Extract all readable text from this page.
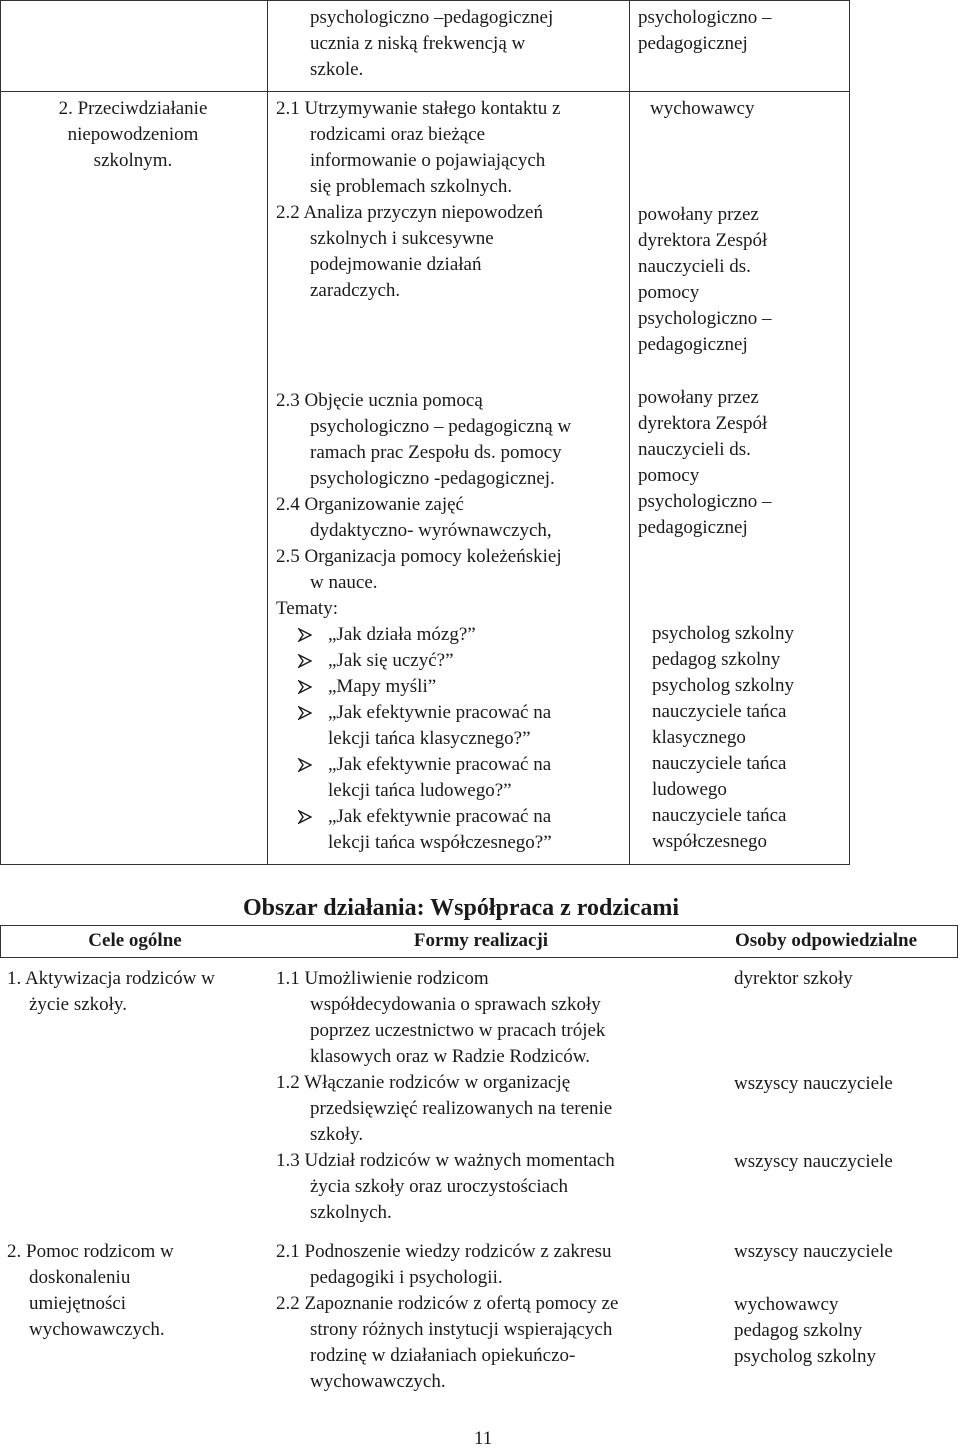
psychologiczno –pedagogicznej

ucznia z niską frekwencją w

szkole.

psychologiczno –

pedagogicznej

2. Przeciwdziałanie

niepowodzeniom

szkolnym.

2.1 Utrzymywanie stałego kontaktu z

rodzicami oraz bieżące

informowanie o pojawiających

się problemach szkolnych.

2.2 Analiza przyczyn niepowodzeń

szkolnych i sukcesywne

podejmowanie działań

zaradczych.

wychowawcy

powołany przez

dyrektora Zespół

nauczycieli ds.

pomocy

psychologiczno –

pedagogicznej

2.3 Objęcie ucznia pomocą

psychologiczno – pedagogiczną w

ramach prac Zespołu ds. pomocy

psychologiczno -pedagogicznej.

2.4 Organizowanie zajęć

dydaktyczno- wyrównawczych,

2.5 Organizacja pomocy koleżeńskiej

w nauce.

Tematy:

„Jak działa mózg?”

„Jak się uczyć?”

„Mapy myśli”

„Jak efektywnie pracować na

lekcji tańca klasycznego?”

„Jak efektywnie pracować na

lekcji tańca ludowego?”

„Jak efektywnie pracować na

lekcji tańca współczesnego?”

powołany przez

dyrektora Zespół

nauczycieli ds.

pomocy

psychologiczno –

pedagogicznej

psycholog szkolny

pedagog szkolny

psycholog szkolny

nauczyciele tańca

klasycznego

nauczyciele tańca

ludowego

nauczyciele tańca

współczesnego

Obszar działania: Współpraca z rodzicami
Cele ogólne	Formy realizacji	Osoby odpowiedzialne

1. Aktywizacja rodziców w

życie szkoły.

1.1 Umożliwienie rodzicom

współdecydowania o sprawach szkoły

poprzez uczestnictwo w pracach trójek

klasowych oraz w Radzie Rodziców.

1.2 Włączanie rodziców w organizację

przedsięwzięć realizowanych na terenie

szkoły.

1.3 Udział rodziców w ważnych momentach

życia szkoły oraz uroczystościach

szkolnych.

dyrektor szkoły
wszyscy nauczyciele
wszyscy nauczyciele

2. Pomoc rodzicom w

doskonaleniu

umiejętności

wychowawczych.

2.1 Podnoszenie wiedzy rodziców z zakresu

pedagogiki i psychologii.

2.2 Zapoznanie rodziców z ofertą pomocy ze

strony różnych instytucji wspierających

rodzinę w działaniach opiekuńczo-

wychowawczych.

wszyscy nauczyciele

wychowawcy

pedagog szkolny

psycholog szkolny

11
